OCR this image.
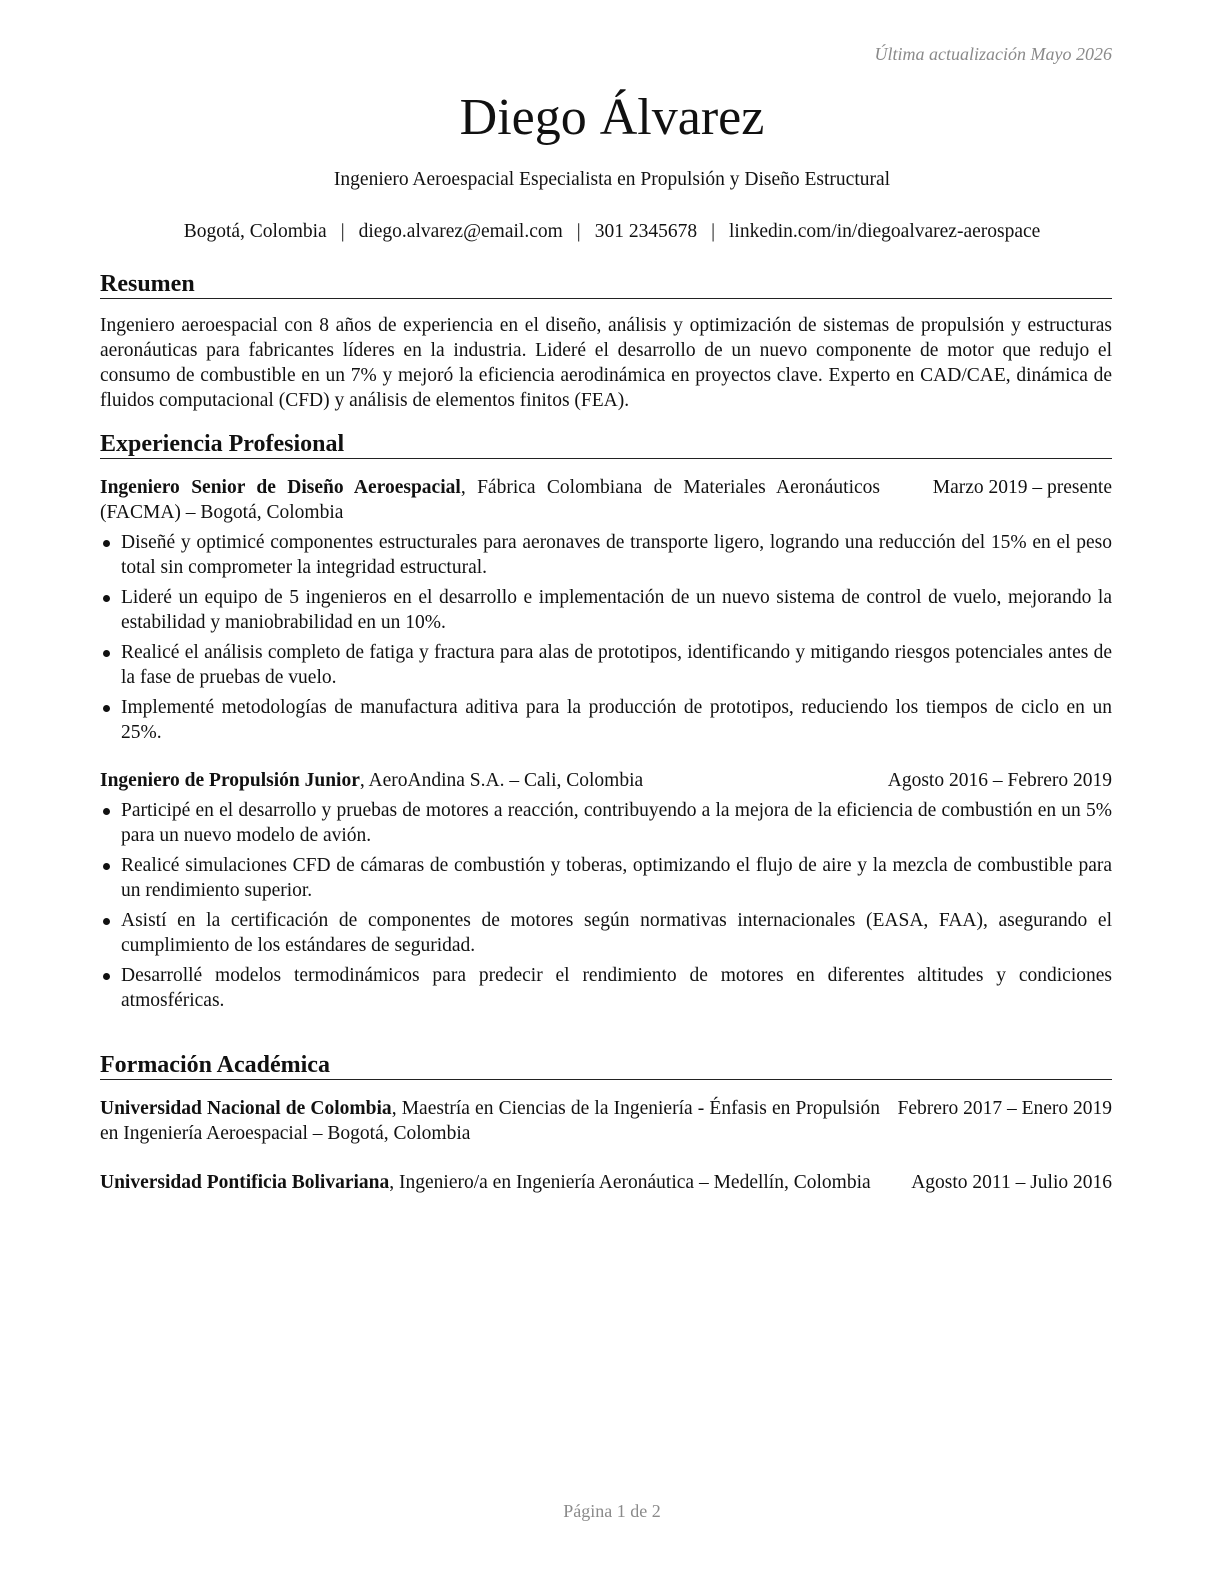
Última actualización Mayo 2026
Diego Álvarez
Ingeniero Aeroespacial Especialista en Propulsión y Diseño Estructural
Bogotá, Colombia | diego.alvarez@email.com | 301 2345678 | linkedin.com/in/diegoalvarez-aerospace
Resumen

Ingeniero aeroespacial con 8 años de experiencia en el diseño, análisis y optimización de sistemas de propulsión y estructuras aeronáuticas para fabricantes líderes en la industria. Lideré el desarrollo de un nuevo componente de motor que redujo el consumo de combustible en un 7% y mejoró la eficiencia aerodinámica en proyectos clave. Experto en CAD/CAE, dinámica de fluidos computacional (CFD) y análisis de elementos finitos (FEA).

Experiencia Profesional
Ingeniero Senior de Diseño Aeroespacial, Fábrica Colombiana de Materiales Aeronáuticos (FACMA) – Bogotá, Colombia
Marzo 2019 – presente
Diseñé y optimicé componentes estructurales para aeronaves de transporte ligero, logrando una reducción del 15% en el peso total sin comprometer la integridad estructural.
Lideré un equipo de 5 ingenieros en el desarrollo e implementación de un nuevo sistema de control de vuelo, mejorando la estabilidad y maniobrabilidad en un 10%.
Realicé el análisis completo de fatiga y fractura para alas de prototipos, identificando y mitigando riesgos potenciales antes de la fase de pruebas de vuelo.
Implementé metodologías de manufactura aditiva para la producción de prototipos, reduciendo los tiempos de ciclo en un 25%.
Ingeniero de Propulsión Junior, AeroAndina S.A. – Cali, Colombia	Agosto 2016 – Febrero 2019
Participé en el desarrollo y pruebas de motores a reacción, contribuyendo a la mejora de la eficiencia de combustión en un 5% para un nuevo modelo de avión.
Realicé simulaciones CFD de cámaras de combustión y toberas, optimizando el flujo de aire y la mezcla de combustible para un rendimiento superior.
Asistí en la certificación de componentes de motores según normativas internacionales (EASA, FAA), asegurando el cumplimiento de los estándares de seguridad.
Desarrollé modelos termodinámicos para predecir el rendimiento de motores en diferentes altitudes y condiciones atmosféricas.
Formación Académica
Universidad Nacional de Colombia, Maestría en Ciencias de la Ingeniería - Énfasis en Propulsión en Ingeniería Aeroespacial – Bogotá, Colombia
Febrero 2017 – Enero 2019
Universidad Pontificia Bolivariana, Ingeniero/a en Ingeniería Aeronáutica – Medellín, Colombia	Agosto 2011 – Julio 2016
Página 1 de 2
